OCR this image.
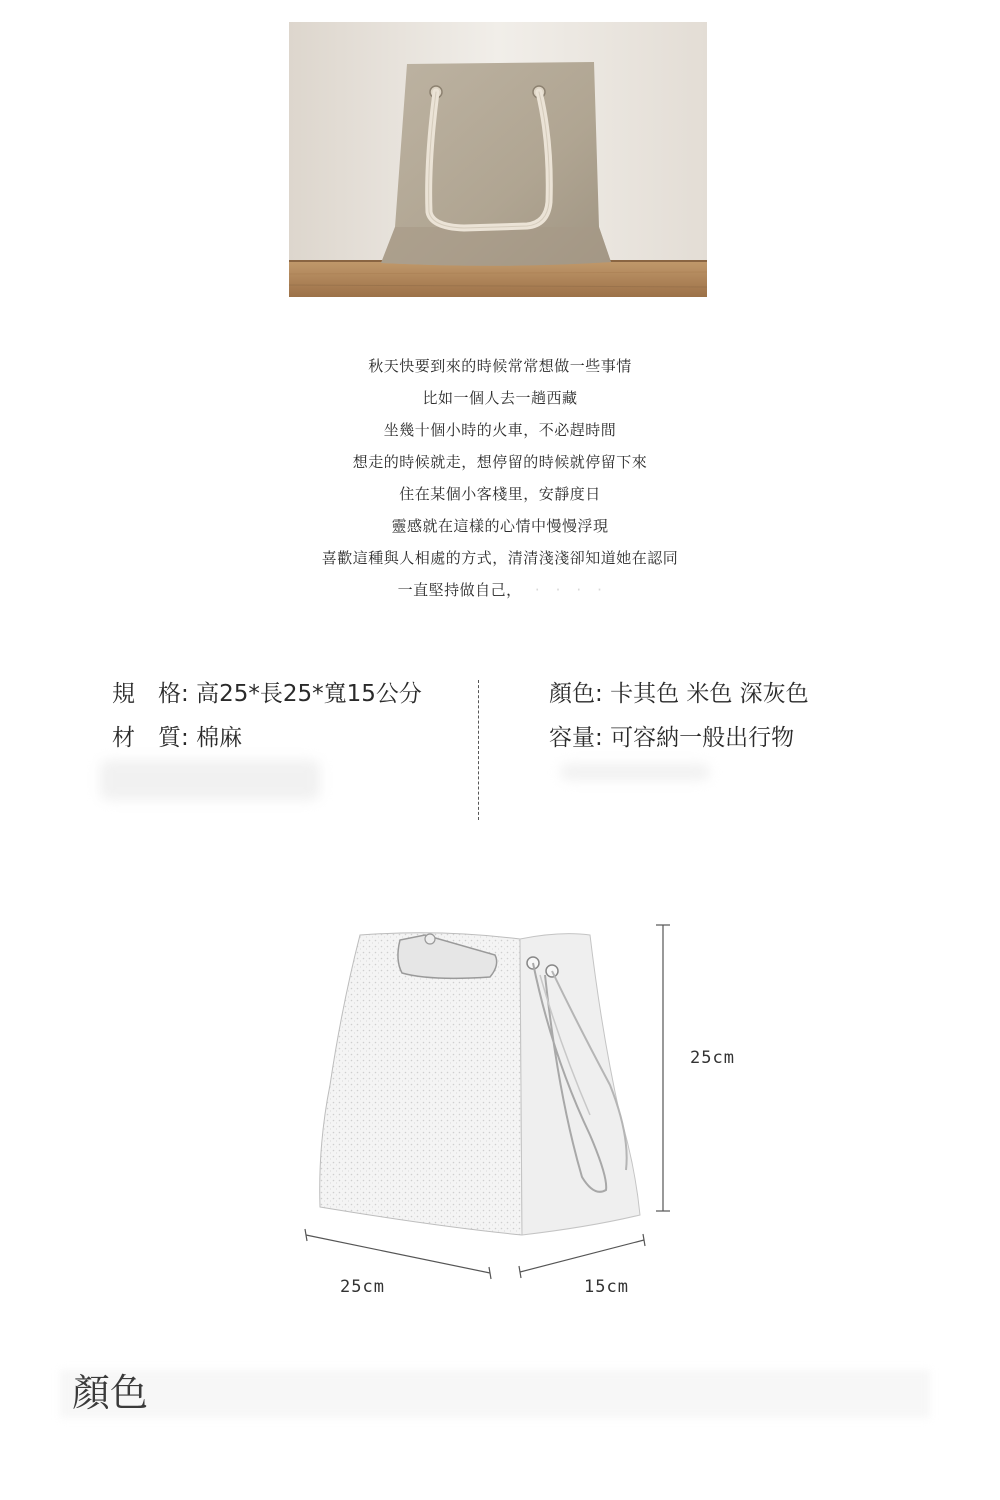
秋天快要到來的時候常常想做一些事情
比如一個人去一趟西藏
坐幾十個小時的火車，不必趕時間
想走的時候就走，想停留的時候就停留下來
住在某個小客棧里，安靜度日
靈感就在這樣的心情中慢慢浮現
喜歡這種與人相處的方式，清清淺淺卻知道她在認同
一直堅持做自己，　 ·　·　·　·
規　格: 高25*長25*寬15公分
材　質: 棉麻
顏色: 卡其色 米色 深灰色
容量: 可容納一般出行物
25cm
25cm	15cm
顏色
